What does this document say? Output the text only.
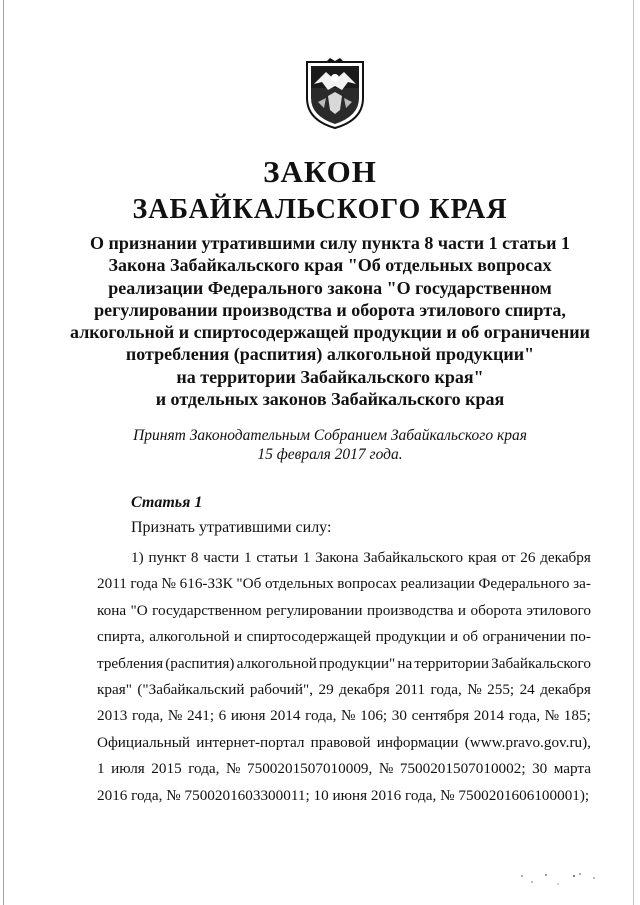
ЗАКОН
ЗАБАЙКАЛЬСКОГО КРАЯ
О признании утратившими силу пункта 8 части 1 статьи 1
Закона Забайкальского края "Об отдельных вопросах
реализации Федерального закона "О государственном
регулировании производства и оборота этилового спирта,
алкогольной и спиртосодержащей продукции и об ограничении
потребления (распития) алкогольной продукции"
на территории Забайкальского края"
и отдельных законов Забайкальского края
Принят Законодательным Собранием Забайкальского края
15 февраля 2017 года.
Статья 1
Признать утратившими силу:
1) пункт 8 части 1 статьи 1 Закона Забайкальского края от 26 декабря
2011 года № 616-ЗЗК "Об отдельных вопросах реализации Федерального за-
кона "О государственном регулировании производства и оборота этилового
спирта, алкогольной и спиртосодержащей продукции и об ограничении по-
требления (распития) алкогольной продукции" на территории Забайкальского
края" ("Забайкальский рабочий", 29 декабря 2011 года, № 255; 24 декабря
2013 года, № 241; 6 июня 2014 года, № 106; 30 сентября 2014 года, № 185;
Официальный интернет-портал правовой информации (www.pravo.gov.ru),
1 июля 2015 года, № 7500201507010009, № 7500201507010002; 30 марта
2016 года, № 7500201603300011; 10 июня 2016 года, № 7500201606100001);
